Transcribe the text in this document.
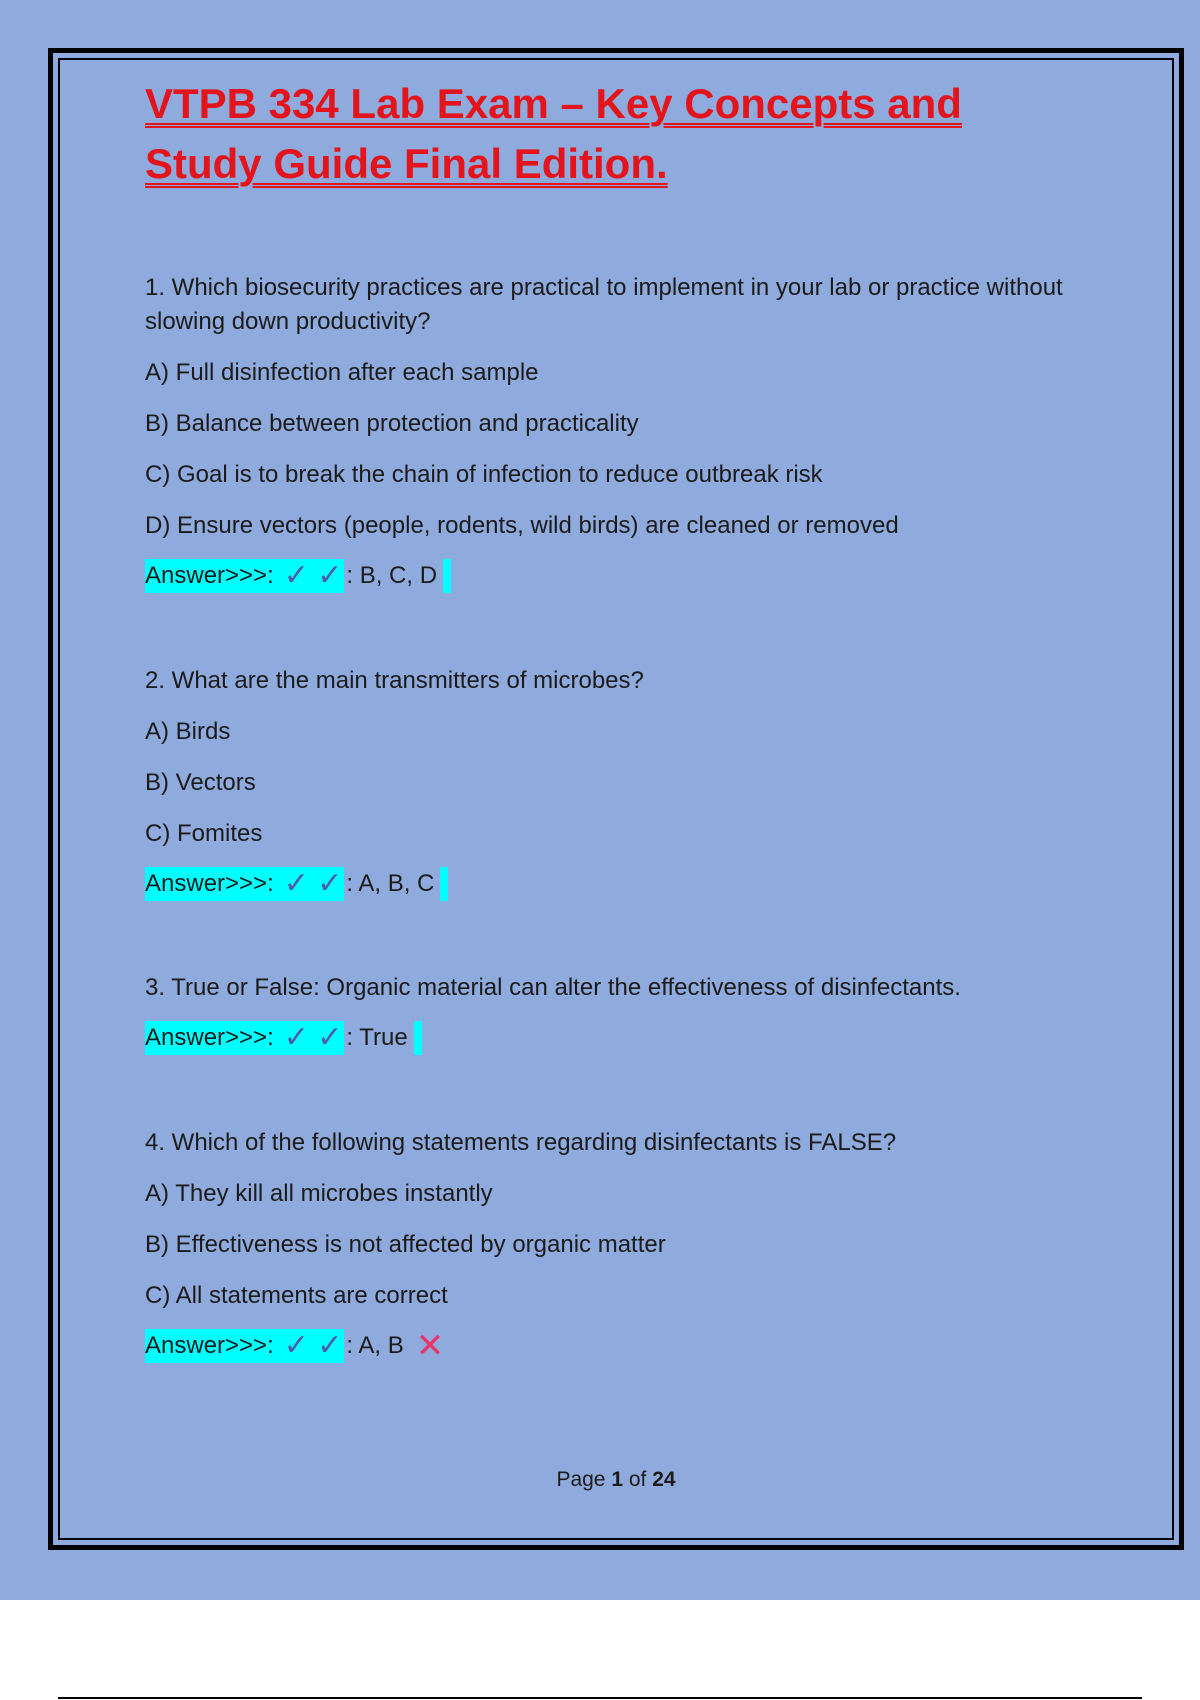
VTPB 334 Lab Exam – Key Concepts and Study Guide Final Edition.

1. Which biosecurity practices are practical to implement in your lab or practice without slowing down productivity?

A) Full disinfection after each sample

B) Balance between protection and practicality

C) Goal is to break the chain of infection to reduce outbreak risk

D) Ensure vectors (people, rodents, wild birds) are cleaned or removed

Answer>>>: ✓ ✓ : B, C, D

2. What are the main transmitters of microbes?

A) Birds

B) Vectors

C) Fomites

Answer>>>: ✓ ✓ : A, B, C

3. True or False: Organic material can alter the effectiveness of disinfectants.

Answer>>>: ✓ ✓ : True

4. Which of the following statements regarding disinfectants is FALSE?

A) They kill all microbes instantly

B) Effectiveness is not affected by organic matter

C) All statements are correct

Answer>>>: ✓ ✓ : A, B ✕
Page 1 of 24
